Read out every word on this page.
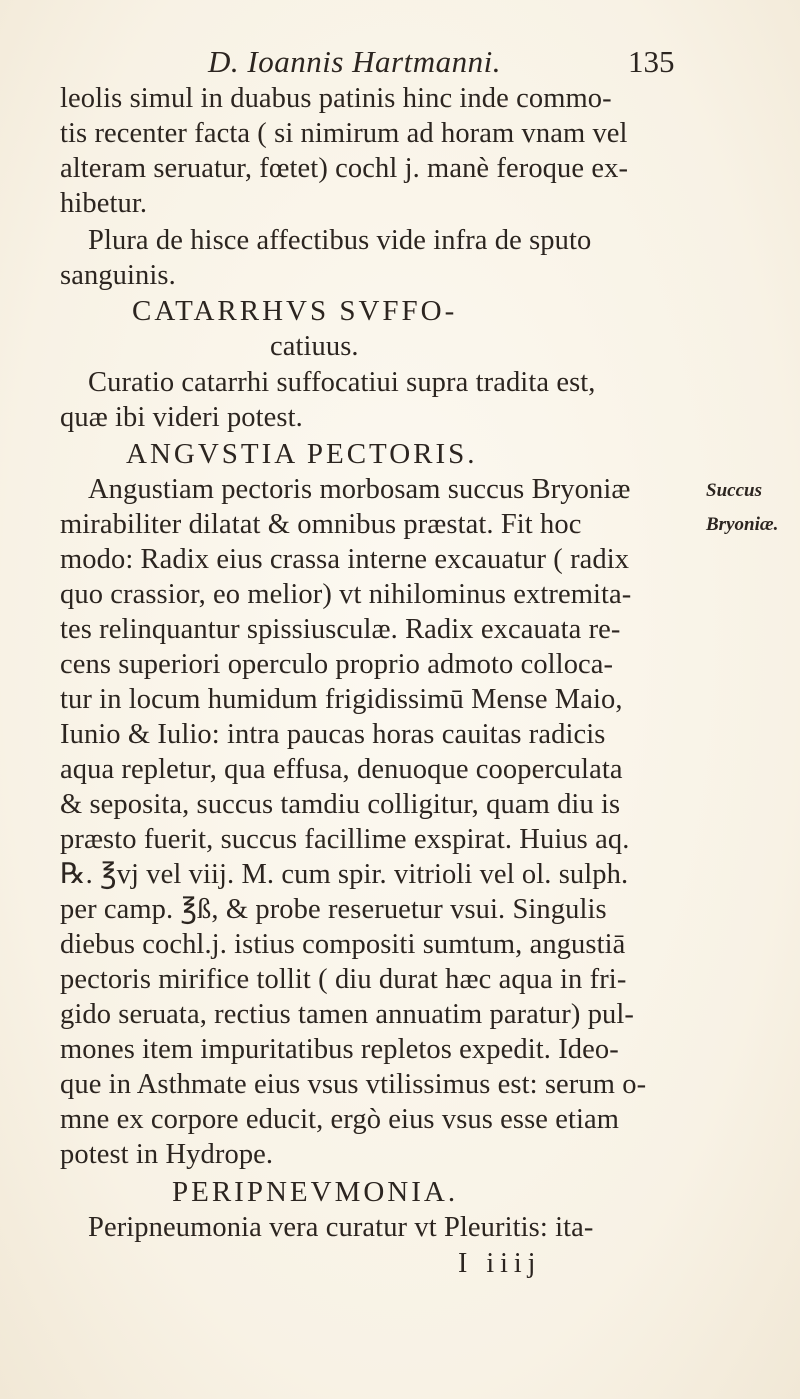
D. Ioannis Hartmanni.	135
leolis simul in duabus patinis hinc inde commo-
tis recenter facta ( si nimirum ad horam vnam vel
alteram seruatur, fœtet) cochl j. manè feroque ex-
hibetur.
Plura de hisce affectibus vide infra de sputo
sanguinis.
CATARRHVS SVFFO-
catiuus.
Curatio catarrhi suffocatiui supra tradita est,
quæ ibi videri potest.
ANGVSTIA PECTORIS.
Angustiam pectoris morbosam succus Bryoniæ
mirabiliter dilatat & omnibus præstat. Fit hoc
modo: Radix eius crassa interne excauatur ( radix
quo crassior, eo melior) vt nihilominus extremita-
tes relinquantur spissiusculæ. Radix excauata re-
cens superiori operculo proprio admoto colloca-
tur in locum humidum frigidissimū Mense Maio,
Iunio & Iulio: intra paucas horas cauitas radicis
aqua repletur, qua effusa, denuoque cooperculata
& seposita, succus tamdiu colligitur, quam diu is
præsto fuerit, succus facillime exspirat. Huius aq.
℞. ℥vj vel viij. M. cum spir. vitrioli vel ol. sulph.
per camp. ℥ß, & probe reseruetur vsui. Singulis
diebus cochl.j. istius compositi sumtum, angustiā
pectoris mirifice tollit ( diu durat hæc aqua in fri-
gido seruata, rectius tamen annuatim paratur) pul-
mones item impuritatibus repletos expedit. Ideo-
que in Asthmate eius vsus vtilissimus est: serum o-
mne ex corpore educit, ergò eius vsus esse etiam
potest in Hydrope.
PERIPNEVMONIA.
Peripneumonia vera curatur vt Pleuritis: ita-
Succus
Bryoniæ.
I iiij
